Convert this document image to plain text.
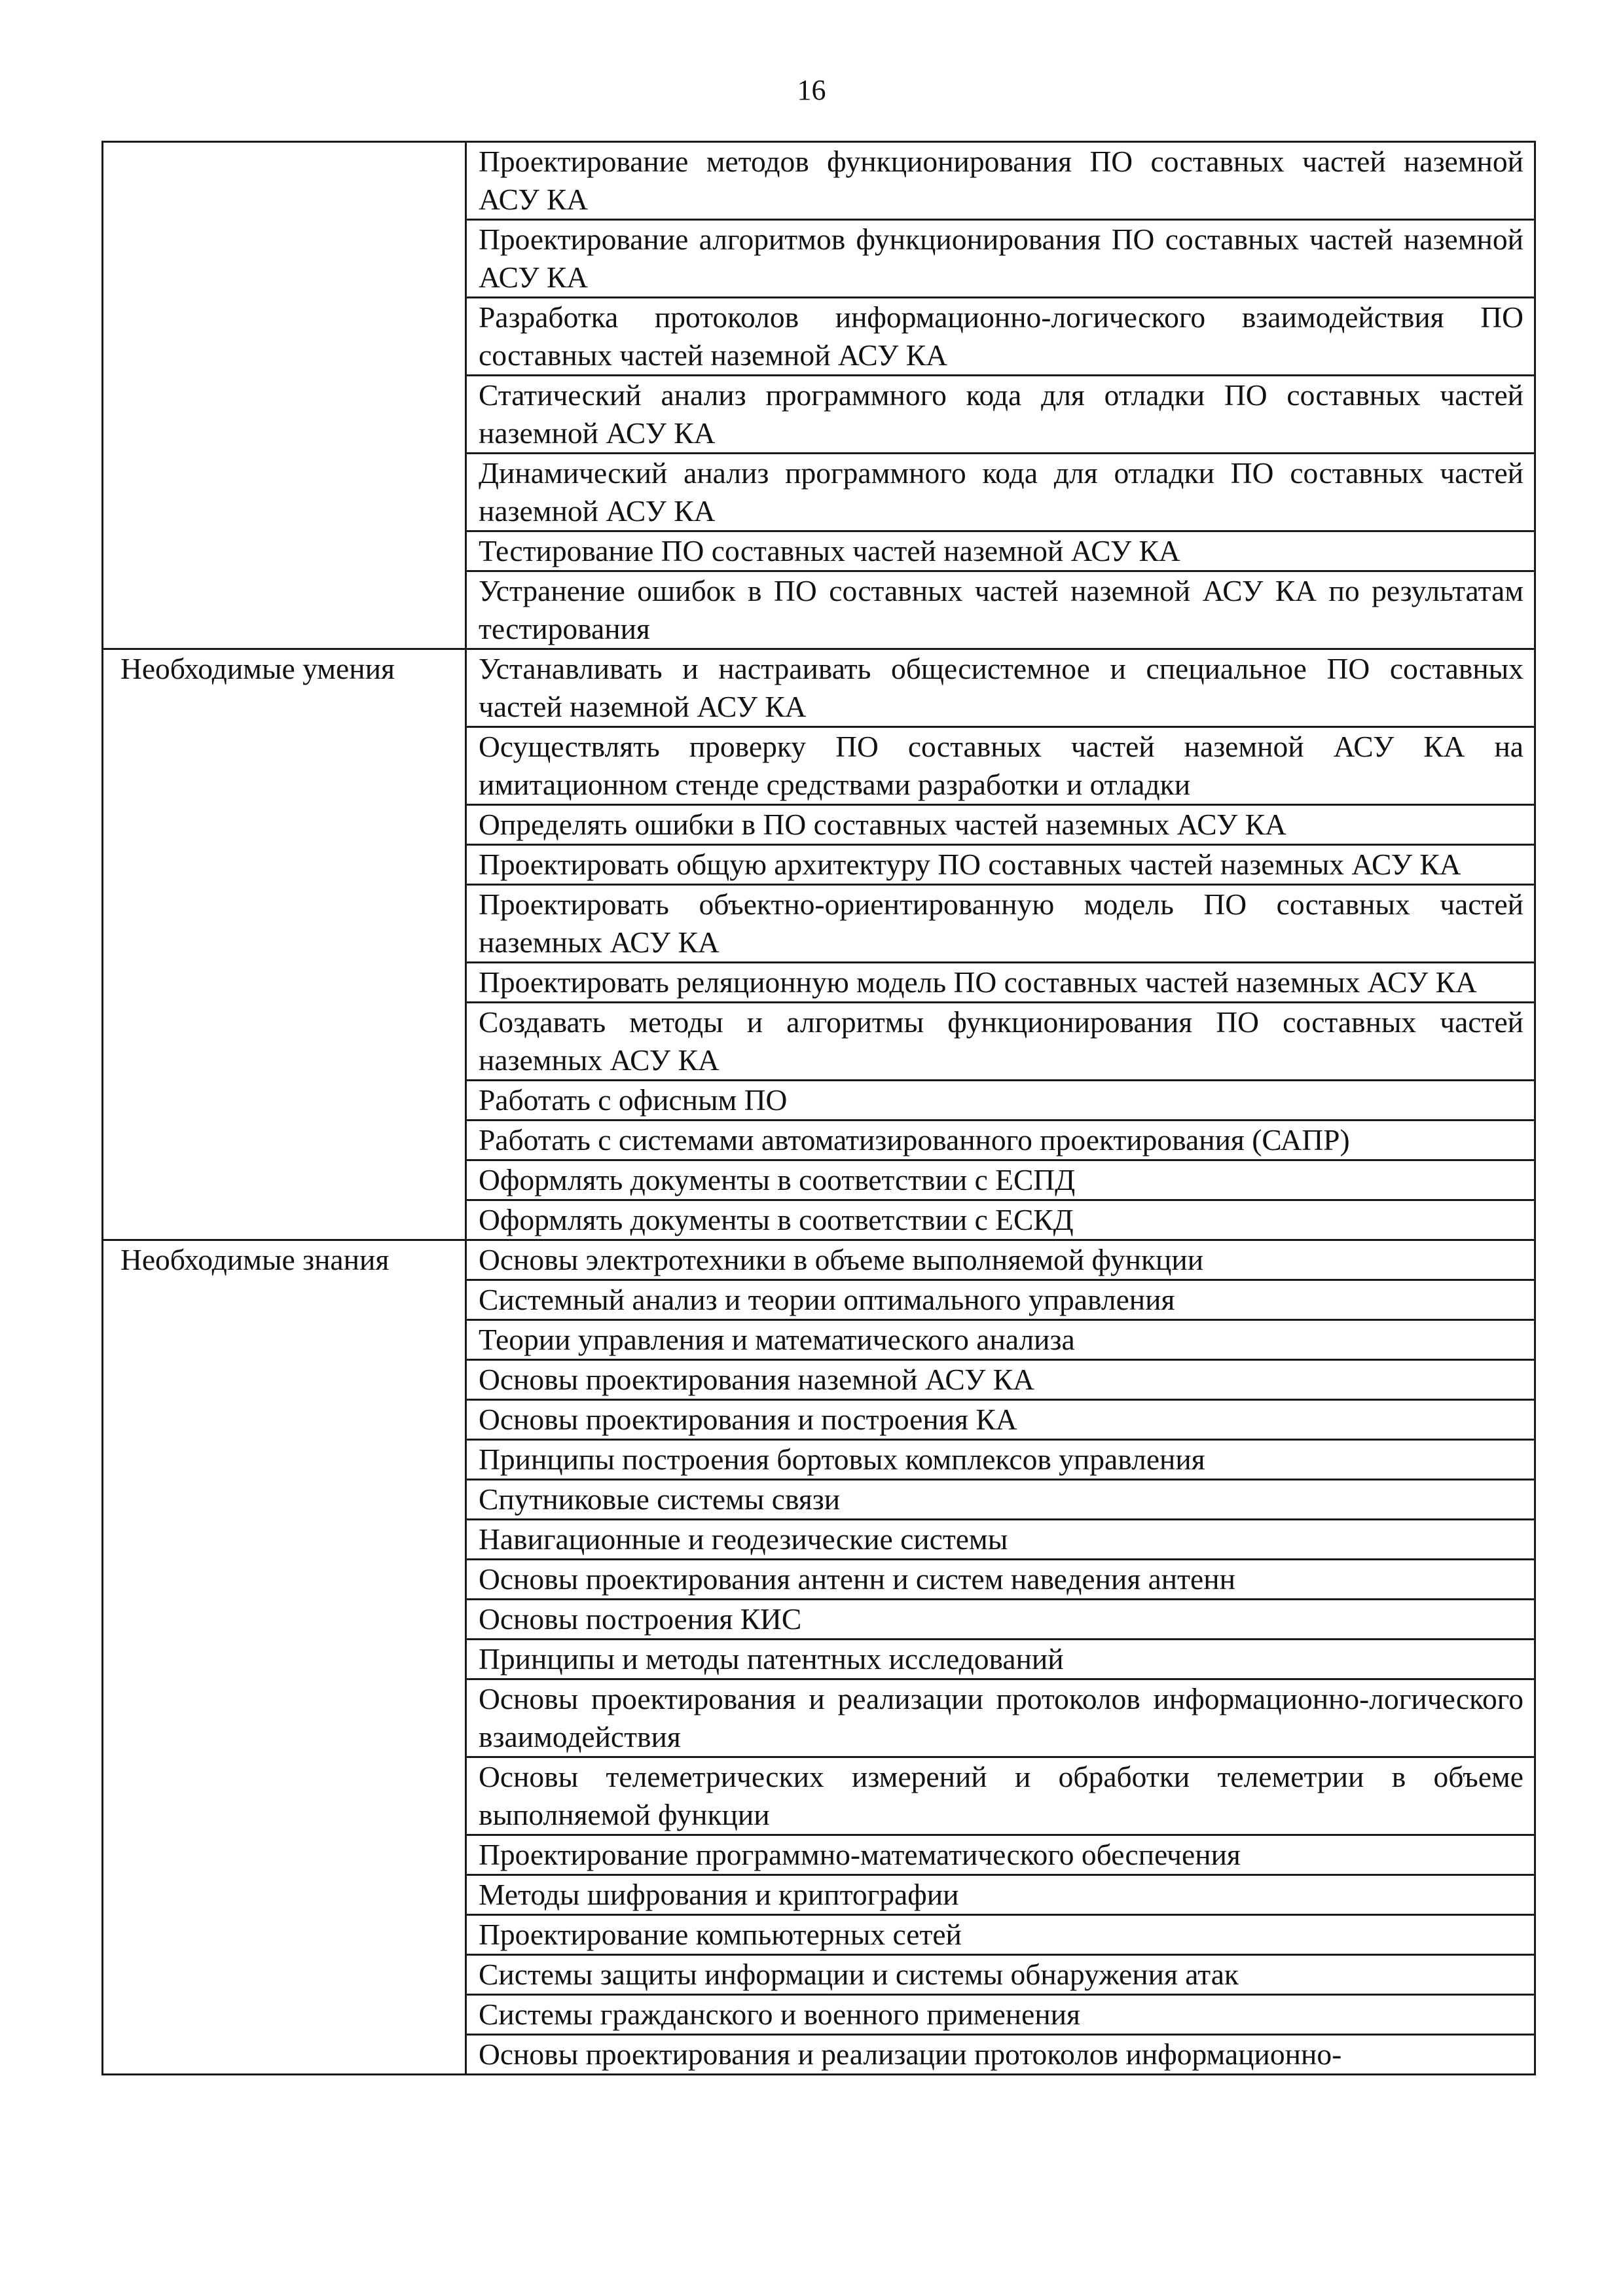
16
	Проектирование методов функционирования ПО составных частей наземной АСУ КА
	Проектирование алгоритмов функционирования ПО составных частей наземной АСУ КА
	Разработка протоколов информационно-логического взаимодействия ПО составных частей наземной АСУ КА
	Статический анализ программного кода для отладки ПО составных частей наземной АСУ КА
	Динамический анализ программного кода для отладки ПО составных частей наземной АСУ КА
	Тестирование ПО составных частей наземной АСУ КА
	Устранение ошибок в ПО составных частей наземной АСУ КА по результатам тестирования
Необходимые умения	Устанавливать и настраивать общесистемное и специальное ПО составных частей наземной АСУ КА
	Осуществлять проверку ПО составных частей наземной АСУ КА на имитационном стенде средствами разработки и отладки
	Определять ошибки в ПО составных частей наземных АСУ КА
	Проектировать общую архитектуру ПО составных частей наземных АСУ КА
	Проектировать объектно-ориентированную модель ПО составных частей наземных АСУ КА
	Проектировать реляционную модель ПО составных частей наземных АСУ КА
	Создавать методы и алгоритмы функционирования ПО составных частей наземных АСУ КА
	Работать с офисным ПО
	Работать с системами автоматизированного проектирования (САПР)
	Оформлять документы в соответствии с ЕСПД
	Оформлять документы в соответствии с ЕСКД
Необходимые знания	Основы электротехники в объеме выполняемой функции
	Системный анализ и теории оптимального управления
	Теории управления и математического анализа
	Основы проектирования наземной АСУ КА
	Основы проектирования и построения КА
	Принципы построения бортовых комплексов управления
	Спутниковые системы связи
	Навигационные и геодезические системы
	Основы проектирования антенн и систем наведения антенн
	Основы построения КИС
	Принципы и методы патентных исследований
	Основы проектирования и реализации протоколов информационно-логического взаимодействия
	Основы телеметрических измерений и обработки телеметрии в объеме выполняемой функции
	Проектирование программно-математического обеспечения
	Методы шифрования и криптографии
	Проектирование компьютерных сетей
	Системы защиты информации и системы обнаружения атак
	Системы гражданского и военного применения
	Основы проектирования и реализации протоколов информационно-
